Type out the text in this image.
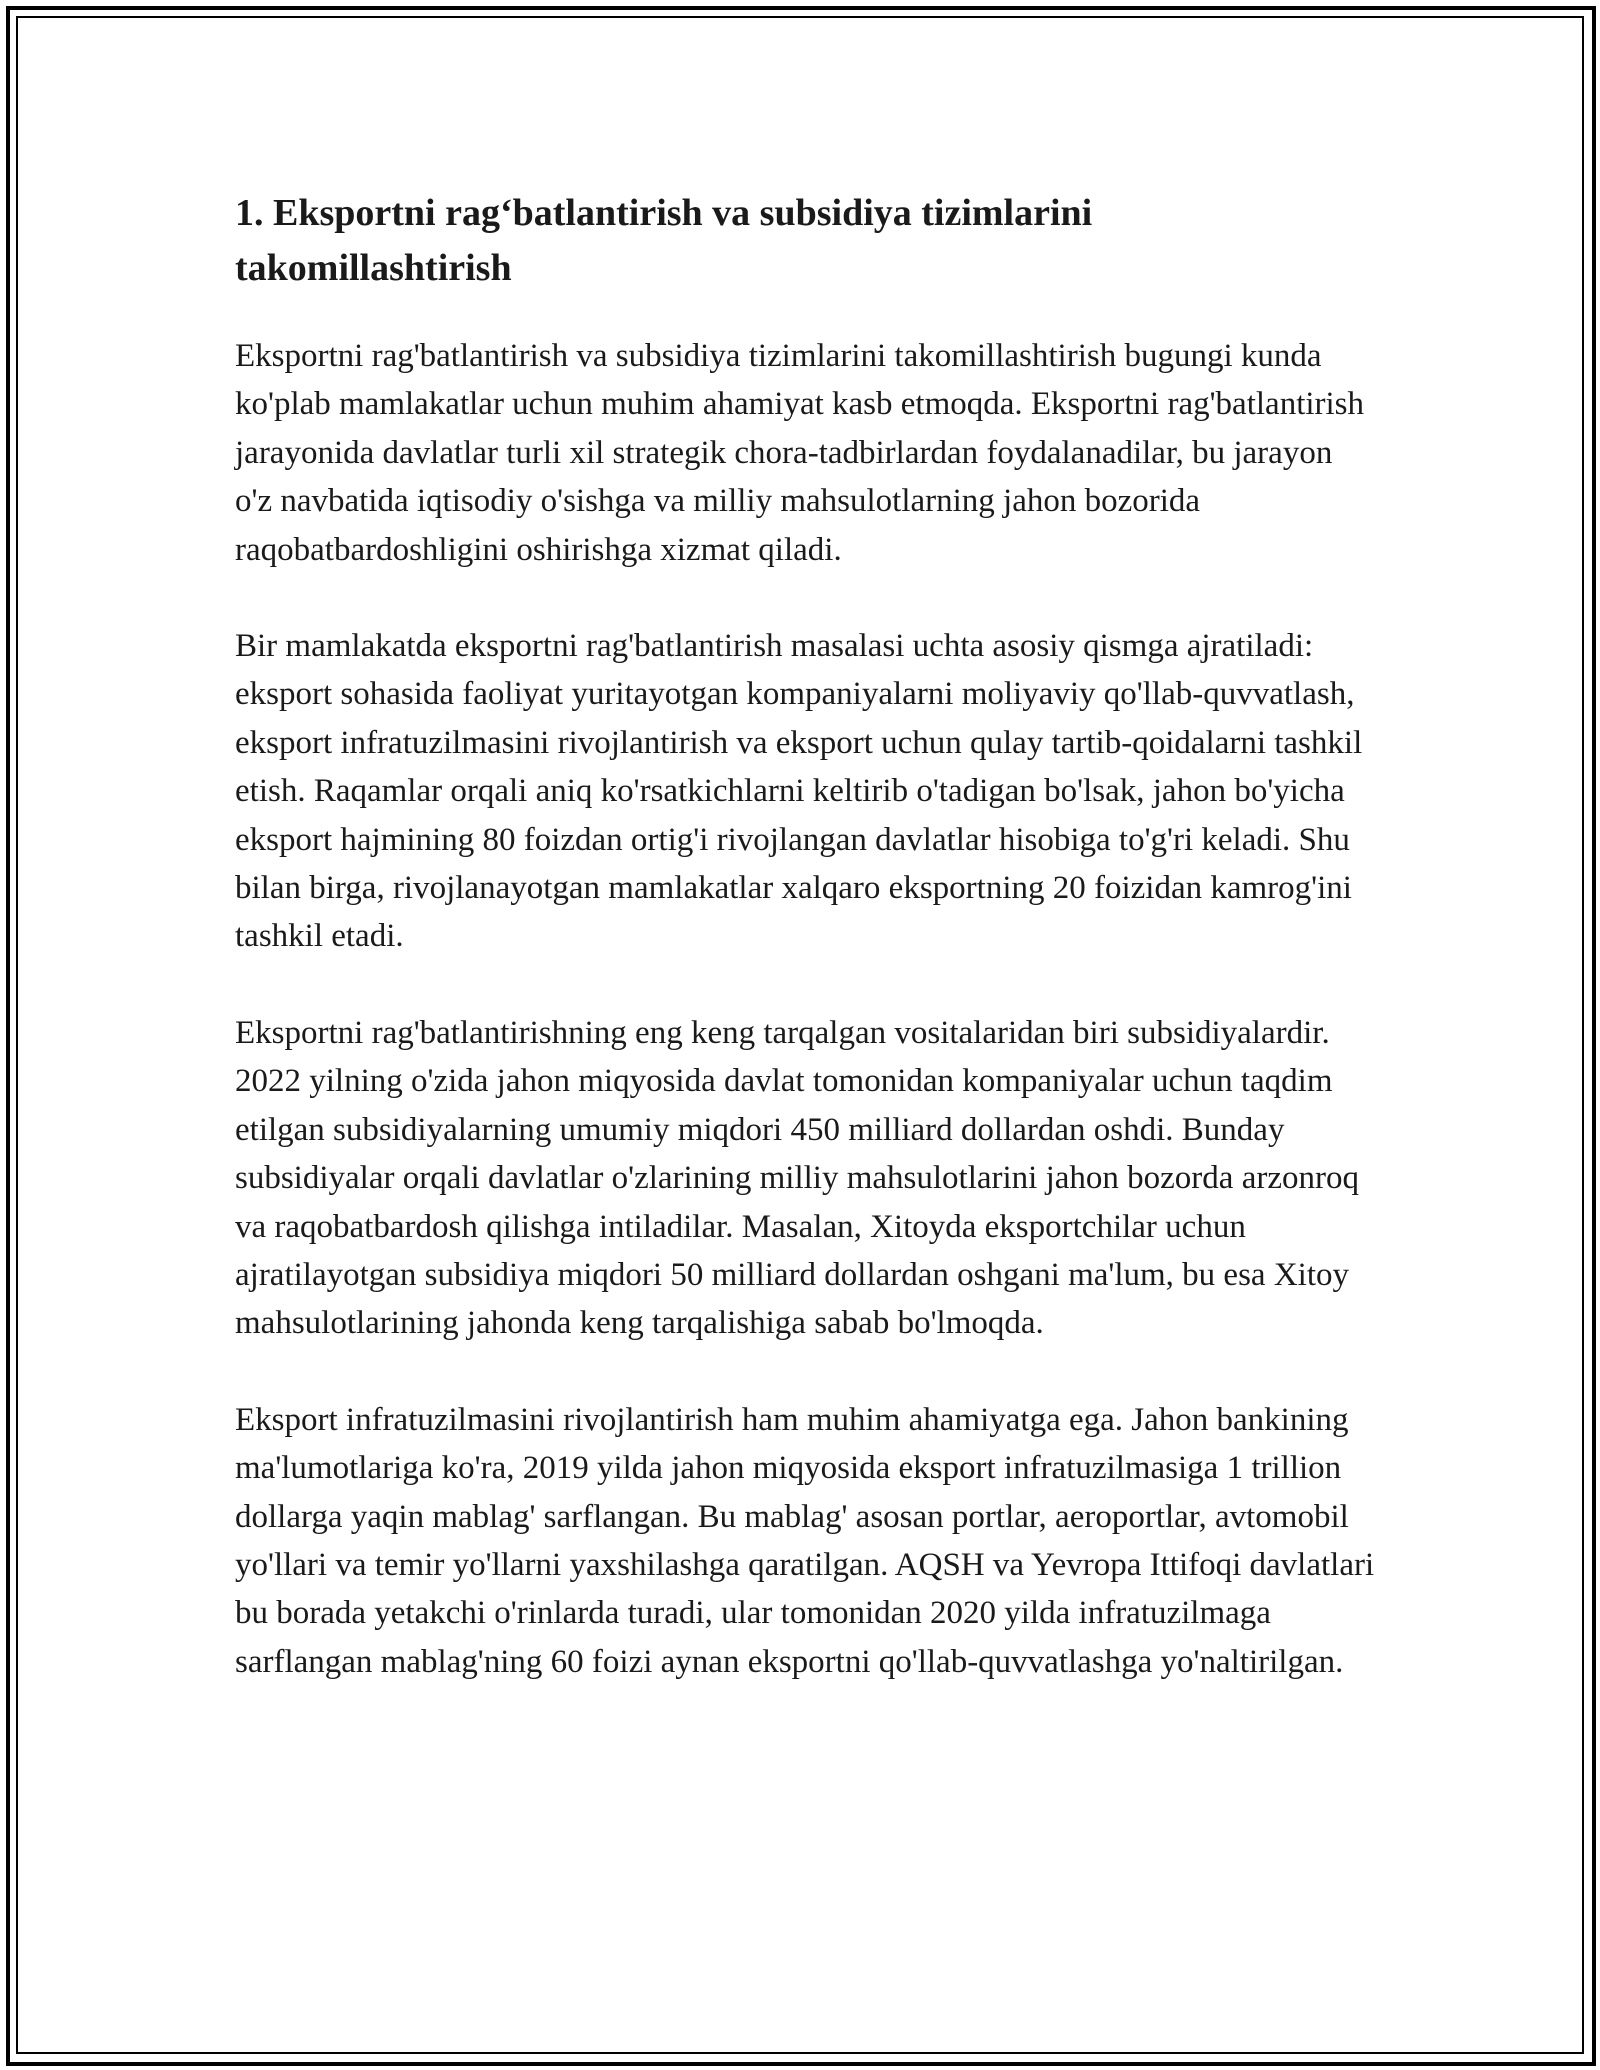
1. Eksportni rag‘batlantirish va subsidiya tizimlarini takomillashtirish

Eksportni rag'batlantirish va subsidiya tizimlarini takomillashtirish bugungi kunda ko'plab mamlakatlar uchun muhim ahamiyat kasb etmoqda. Eksportni rag'batlantirish jarayonida davlatlar turli xil strategik chora-tadbirlardan foydalanadilar, bu jarayon o'z navbatida iqtisodiy o'sishga va milliy mahsulotlarning jahon bozorida raqobatbardoshligini oshirishga xizmat qiladi.

Bir mamlakatda eksportni rag'batlantirish masalasi uchta asosiy qismga ajratiladi: eksport sohasida faoliyat yuritayotgan kompaniyalarni moliyaviy qo'llab-quvvatlash, eksport infratuzilmasini rivojlantirish va eksport uchun qulay tartib-qoidalarni tashkil etish. Raqamlar orqali aniq ko'rsatkichlarni keltirib o'tadigan bo'lsak, jahon bo'yicha eksport hajmining 80 foizdan ortig'i rivojlangan davlatlar hisobiga to'g'ri keladi. Shu bilan birga, rivojlanayotgan mamlakatlar xalqaro eksportning 20 foizidan kamrog'ini tashkil etadi.

Eksportni rag'batlantirishning eng keng tarqalgan vositalaridan biri subsidiyalardir. 2022 yilning o'zida jahon miqyosida davlat tomonidan kompaniyalar uchun taqdim etilgan subsidiyalarning umumiy miqdori 450 milliard dollardan oshdi. Bunday subsidiyalar orqali davlatlar o'zlarining milliy mahsulotlarini jahon bozorda arzonroq va raqobatbardosh qilishga intiladilar. Masalan, Xitoyda eksportchilar uchun ajratilayotgan subsidiya miqdori 50 milliard dollardan oshgani ma'lum, bu esa Xitoy mahsulotlarining jahonda keng tarqalishiga sabab bo'lmoqda.

Eksport infratuzilmasini rivojlantirish ham muhim ahamiyatga ega. Jahon bankining ma'lumotlariga ko'ra, 2019 yilda jahon miqyosida eksport infratuzilmasiga 1 trillion dollarga yaqin mablag' sarflangan. Bu mablag' asosan portlar, aeroportlar, avtomobil yo'llari va temir yo'llarni yaxshilashga qaratilgan. AQSH va Yevropa Ittifoqi davlatlari bu borada yetakchi o'rinlarda turadi, ular tomonidan 2020 yilda infratuzilmaga sarflangan mablag'ning 60 foizi aynan eksportni qo'llab-quvvatlashga yo'naltirilgan.
